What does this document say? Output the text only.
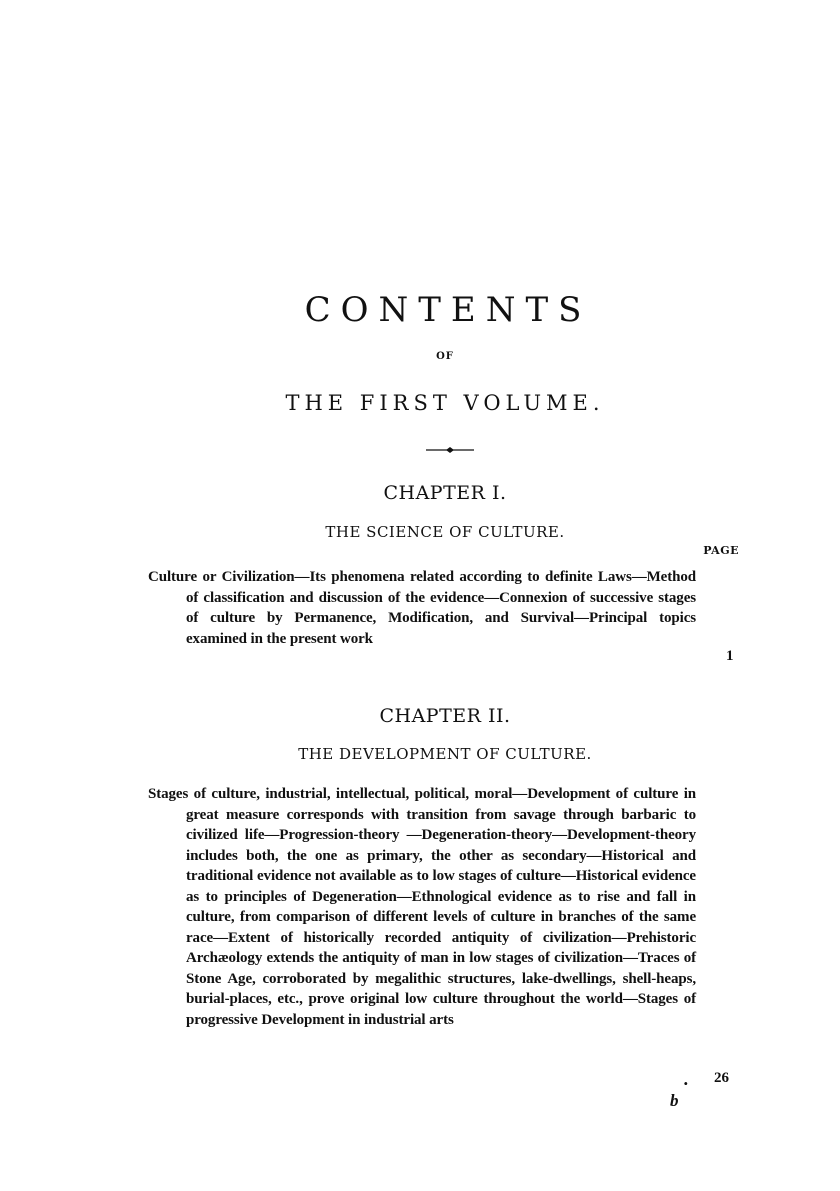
CONTENTS
OF
THE FIRST VOLUME.
CHAPTER I.
THE SCIENCE OF CULTURE.
PAGE
Culture or Civilization—Its phenomena related according to definite Laws—Method of classification and discussion of the evidence—Connexion of successive stages of culture by Permanence, Modification, and Survival—Principal topics examined in the present work
1
CHAPTER II.
THE DEVELOPMENT OF CULTURE.
Stages of culture, industrial, intellectual, political, moral—Development of culture in great measure corresponds with transition from savage through barbaric to civilized life—Progression-theory —Degeneration-theory—Development-theory includes both, the one as primary, the other as secondary—Historical and traditional evidence not available as to low stages of culture—Historical evidence as to principles of Degeneration—Ethnological evidence as to rise and fall in culture, from comparison of different levels of culture in branches of the same race—Extent of historically recorded antiquity of civilization—Prehistoric Archæology extends the antiquity of man in low stages of civilization—Traces of Stone Age, corroborated by megalithic structures, lake-dwellings, shell-heaps, burial-places, etc., prove original low culture throughout the world—Stages of progressive Development in industrial arts
. 26
b
